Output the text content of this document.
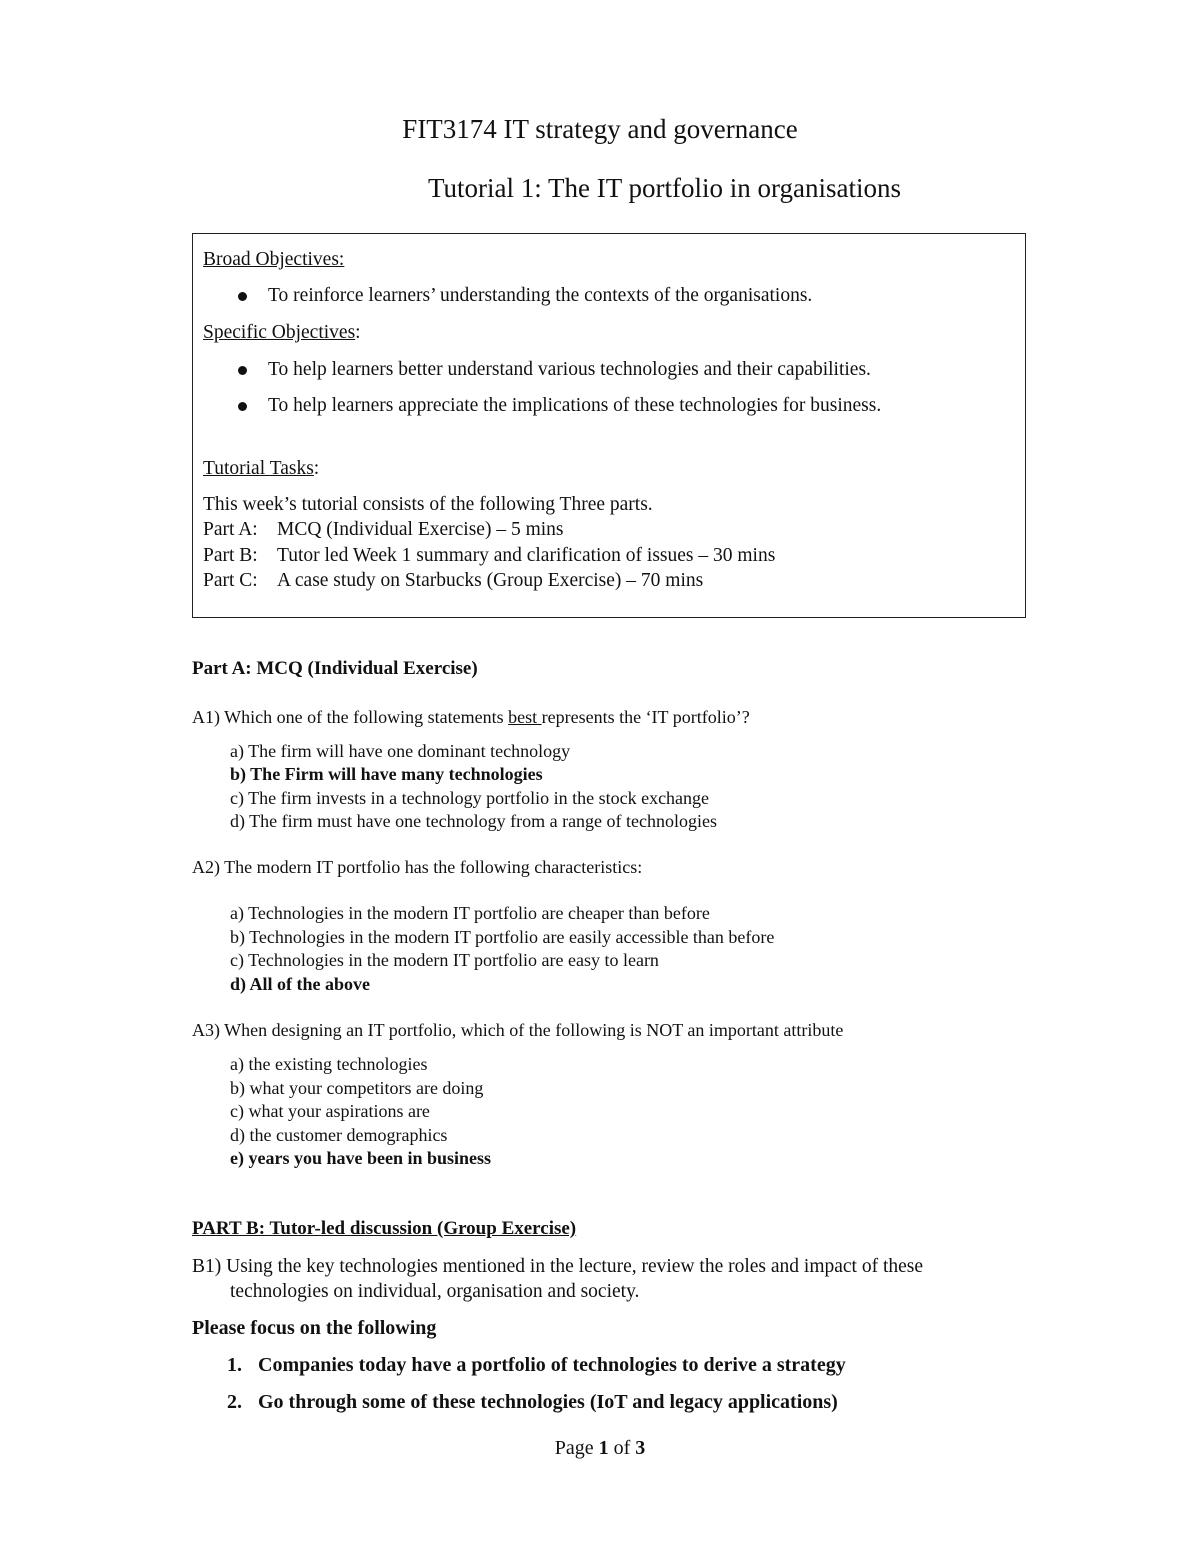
FIT3174 IT strategy and governance
Tutorial 1: The IT portfolio in organisations
Broad Objectives:
To reinforce learners’ understanding the contexts of the organisations.
Specific Objectives:
To help learners better understand various technologies and their capabilities.
To help learners appreciate the implications of these technologies for business.
Tutorial Tasks:
This week’s tutorial consists of the following Three parts.
Part A: MCQ (Individual Exercise) – 5 mins
Part B: Tutor led Week 1 summary and clarification of issues – 30 mins
Part C: A case study on Starbucks (Group Exercise) – 70 mins
Part A: MCQ (Individual Exercise)
A1) Which one of the following statements best represents the ‘IT portfolio’?
a) The firm will have one dominant technology
b) The Firm will have many technologies
c) The firm invests in a technology portfolio in the stock exchange
d) The firm must have one technology from a range of technologies
A2) The modern IT portfolio has the following characteristics:
a) Technologies in the modern IT portfolio are cheaper than before
b) Technologies in the modern IT portfolio are easily accessible than before
c) Technologies in the modern IT portfolio are easy to learn
d) All of the above
A3) When designing an IT portfolio, which of the following is NOT an important attribute
a) the existing technologies
b) what your competitors are doing
c) what your aspirations are
d) the customer demographics
e) years you have been in business
PART B: Tutor-led discussion (Group Exercise)
B1) Using the key technologies mentioned in the lecture, review the roles and impact of these
technologies on individual, organisation and society.
Please focus on the following
1. Companies today have a portfolio of technologies to derive a strategy
2. Go through some of these technologies (IoT and legacy applications)
Page 1 of 3
